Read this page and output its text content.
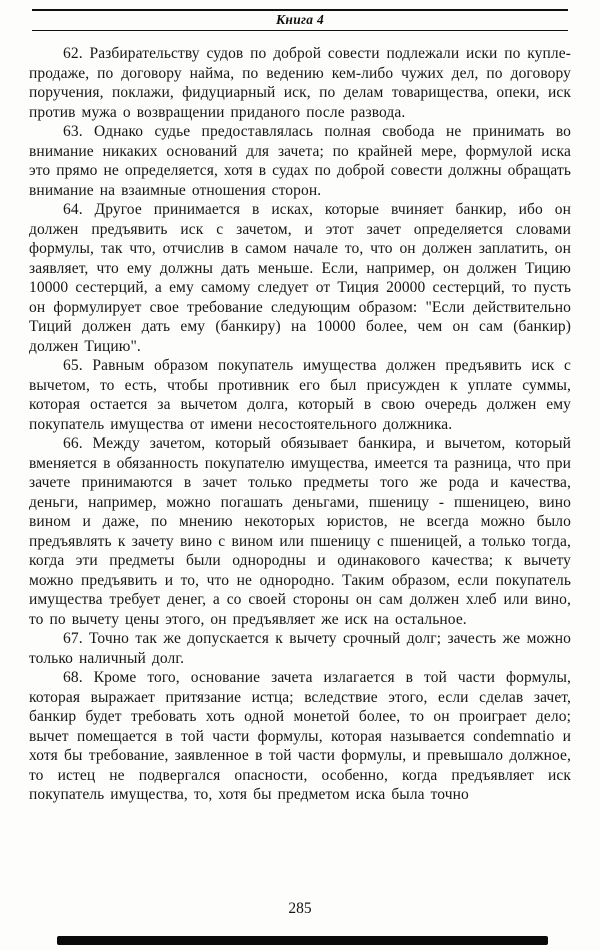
Книга 4

62. Разбирательству судов по доброй совести подлежали иски по купле-продаже, по договору найма, по ведению кем-либо чужих дел, по договору поручения, поклажи, фидуциарный иск, по делам товарищества, опеки, иск против мужа о возвращении приданого после развода.

63. Однако судье предоставлялась полная свобода не принимать во внимание никаких оснований для зачета; по крайней мере, формулой иска это прямо не определяется, хотя в судах по доброй совести должны обращать внимание на взаимные отношения сторон.

64. Другое принимается в исках, которые вчиняет банкир, ибо он должен предъявить иск с зачетом, и этот зачет определяется словами формулы, так что, отчислив в самом начале то, что он должен заплатить, он заявляет, что ему должны дать меньше. Если, например, он должен Тицию 10000 сестерций, а ему самому следует от Тиция 20000 сестерций, то пусть он формулирует свое требование следующим образом: "Если действительно Тиций должен дать ему (банкиру) на 10000 более, чем он сам (банкир) должен Тицию".

65. Равным образом покупатель имущества должен предъявить иск с вычетом, то есть, чтобы противник его был присужден к уплате суммы, которая остается за вычетом долга, который в свою очередь должен ему покупатель имущества от имени несостоятельного должника.

66. Между зачетом, который обязывает банкира, и вычетом, который вменяется в обязанность покупателю имущества, имеется та разница, что при зачете принимаются в зачет только предметы того же рода и качества, деньги, например, можно погашать деньгами, пшеницу - пшеницею, вино вином и даже, по мнению некоторых юристов, не всегда можно было предъявлять к зачету вино с вином или пшеницу с пшеницей, а только тогда, когда эти предметы были однородны и одинакового качества; к вычету можно предъявить и то, что не однородно. Таким образом, если покупатель имущества требует денег, а со своей стороны он сам должен хлеб или вино, то по вычету цены этого, он предъявляет же иск на остальное.

67. Точно так же допускается к вычету срочный долг; зачесть же можно только наличный долг.

68. Кроме того, основание зачета излагается в той части формулы, которая выражает притязание истца; вследствие этого, если сделав зачет, банкир будет требовать хоть одной монетой более, то он проиграет дело; вычет помещается в той части формулы, которая называется condemnatio и хотя бы требование, заявленное в той части формулы, и превышало должное, то истец не подвергался опасности, особенно, когда предъявляет иск покупатель имущества, то, хотя бы предметом иска была точно

285
